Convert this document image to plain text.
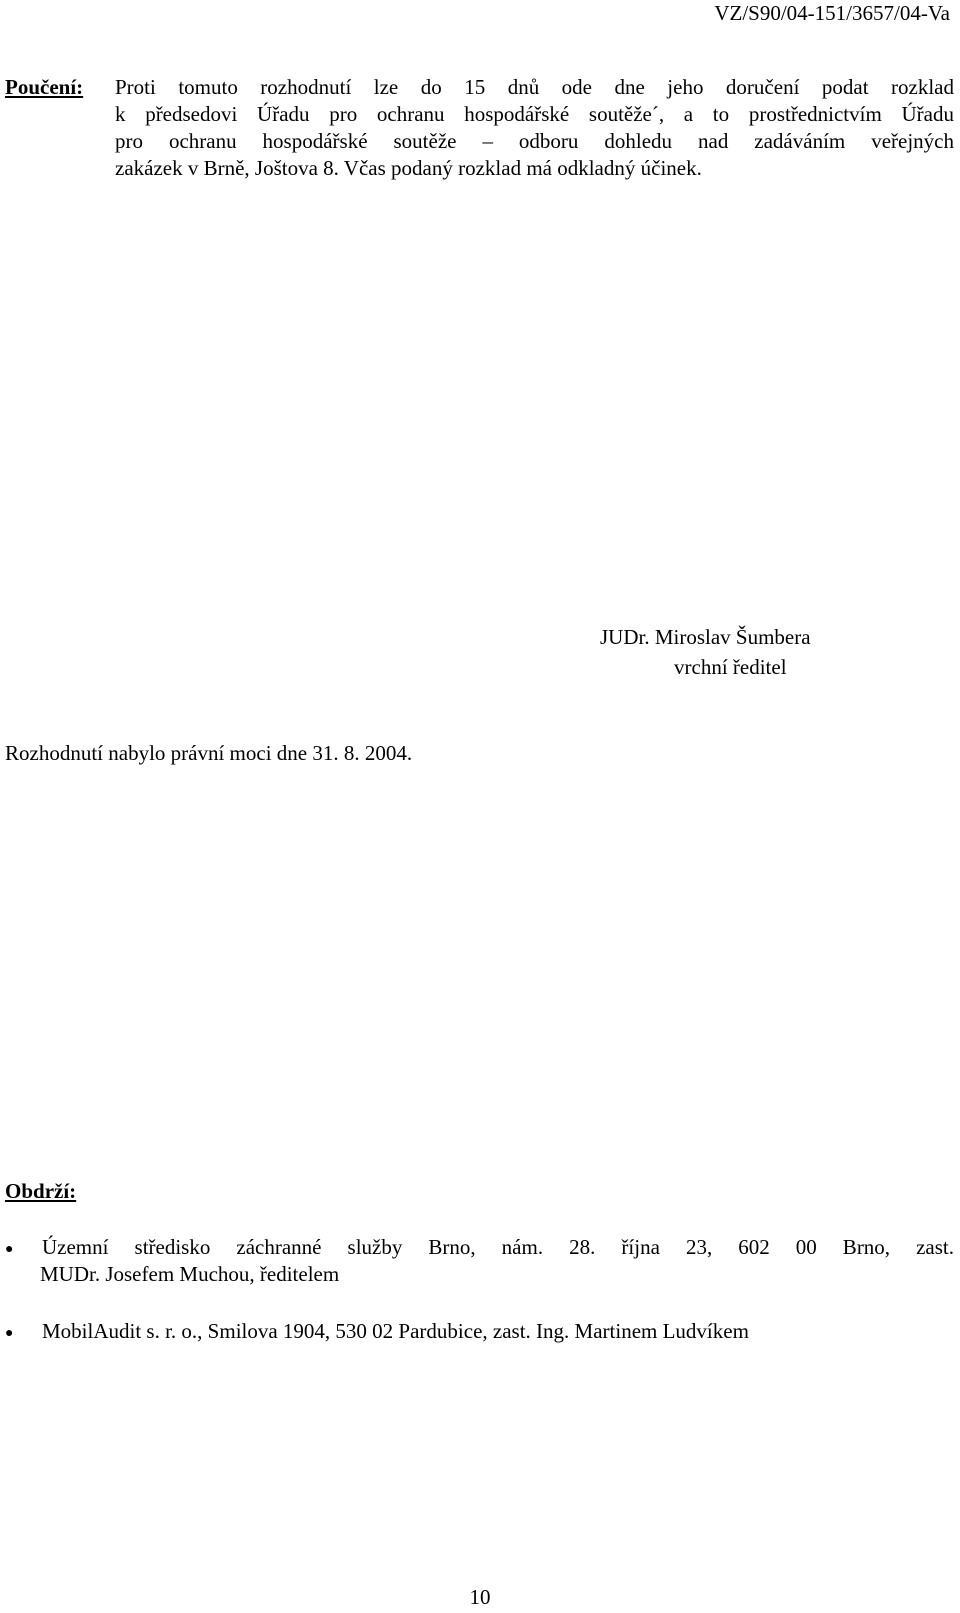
VZ/S90/04-151/3657/04-Va
Poučení: Proti tomuto rozhodnutí lze do 15 dnů ode dne jeho doručení podat rozklad

k předsedovi Úřadu pro ochranu hospodářské soutěže´, a to prostřednictvím Úřadu

pro ochranu hospodářské soutěže – odboru dohledu nad zadáváním veřejných

zakázek v Brně, Joštova 8. Včas podaný rozklad má odkladný účinek.

JUDr. Miroslav Šumbera
vrchní ředitel
Rozhodnutí nabylo právní moci dne 31. 8. 2004.
Obdrží:
● Územní středisko záchranné služby Brno, nám. 28. října 23, 602 00 Brno, zast.
MUDr. Josefem Muchou, ředitelem
● MobilAudit s. r. o., Smilova 1904, 530 02 Pardubice, zast. Ing. Martinem Ludvíkem
10
